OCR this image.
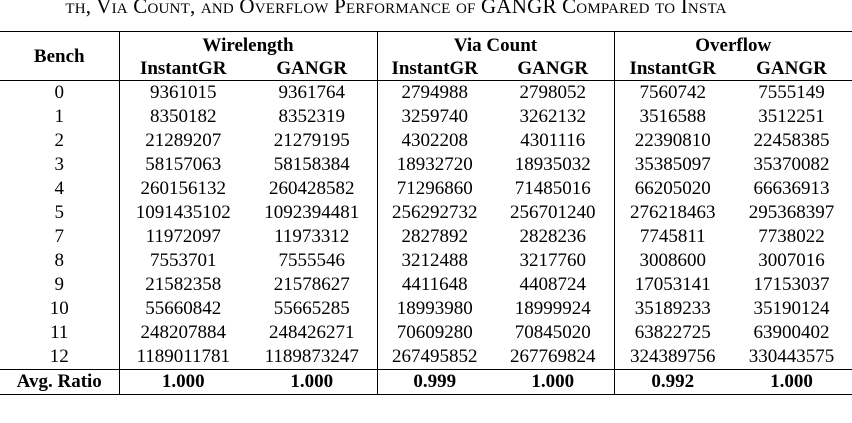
th, Via Count, and Overflow Performance of GANGR Compared to Insta
Bench	Wirelength		Via Count		Overflow	
	InstantGR	GANGR	InstantGR	GANGR	InstantGR	GANGR
0	9361015	9361764	2794988	2798052	7560742	7555149
1	8350182	8352319	3259740	3262132	3516588	3512251
2	21289207	21279195	4302208	4301116	22390810	22458385
3	58157063	58158384	18932720	18935032	35385097	35370082
4	260156132	260428582	71296860	71485016	66205020	66636913
5	1091435102	1092394481	256292732	256701240	276218463	295368397
7	11972097	11973312	2827892	2828236	7745811	7738022
8	7553701	7555546	3212488	3217760	3008600	3007016
9	21582358	21578627	4411648	4408724	17053141	17153037
10	55660842	55665285	18993980	18999924	35189233	35190124
11	248207884	248426271	70609280	70845020	63822725	63900402
12	1189011781	1189873247	267495852	267769824	324389756	330443575
Avg. Ratio	1.000	1.000	0.999	1.000	0.992	1.000
